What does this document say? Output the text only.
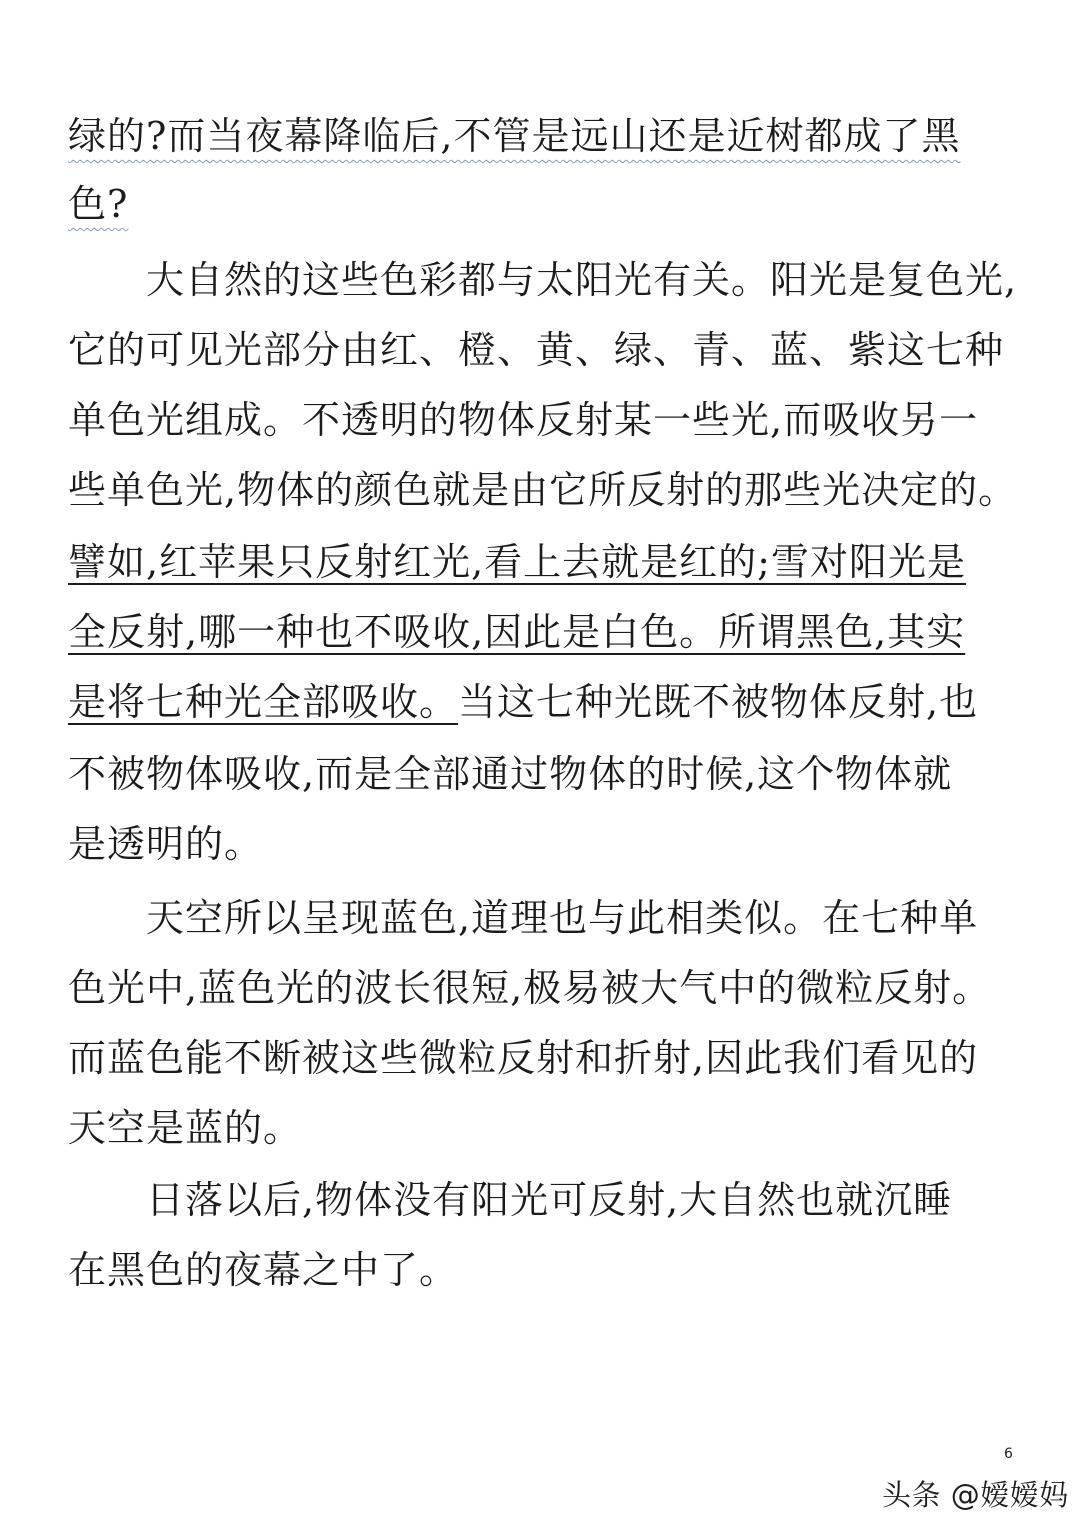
绿的?而当夜幕降临后,不管是远山还是近树都成了黑
色?
大自然的这些色彩都与太阳光有关。阳光是复色光,
它的可见光部分由红、橙、黄、绿、青、蓝、紫这七种
单色光组成。不透明的物体反射某一些光,而吸收另一
些单色光,物体的颜色就是由它所反射的那些光决定的。
譬如,红苹果只反射红光,看上去就是红的;雪对阳光是
全反射,哪一种也不吸收,因此是白色。所谓黑色,其实
是将七种光全部吸收。当这七种光既不被物体反射,也
不被物体吸收,而是全部通过物体的时候,这个物体就
是透明的。
天空所以呈现蓝色,道理也与此相类似。在七种单
色光中,蓝色光的波长很短,极易被大气中的微粒反射。
而蓝色能不断被这些微粒反射和折射,因此我们看见的
天空是蓝的。
日落以后,物体没有阳光可反射,大自然也就沉睡
在黑色的夜幕之中了。
6
头条 @嫒嫒妈
